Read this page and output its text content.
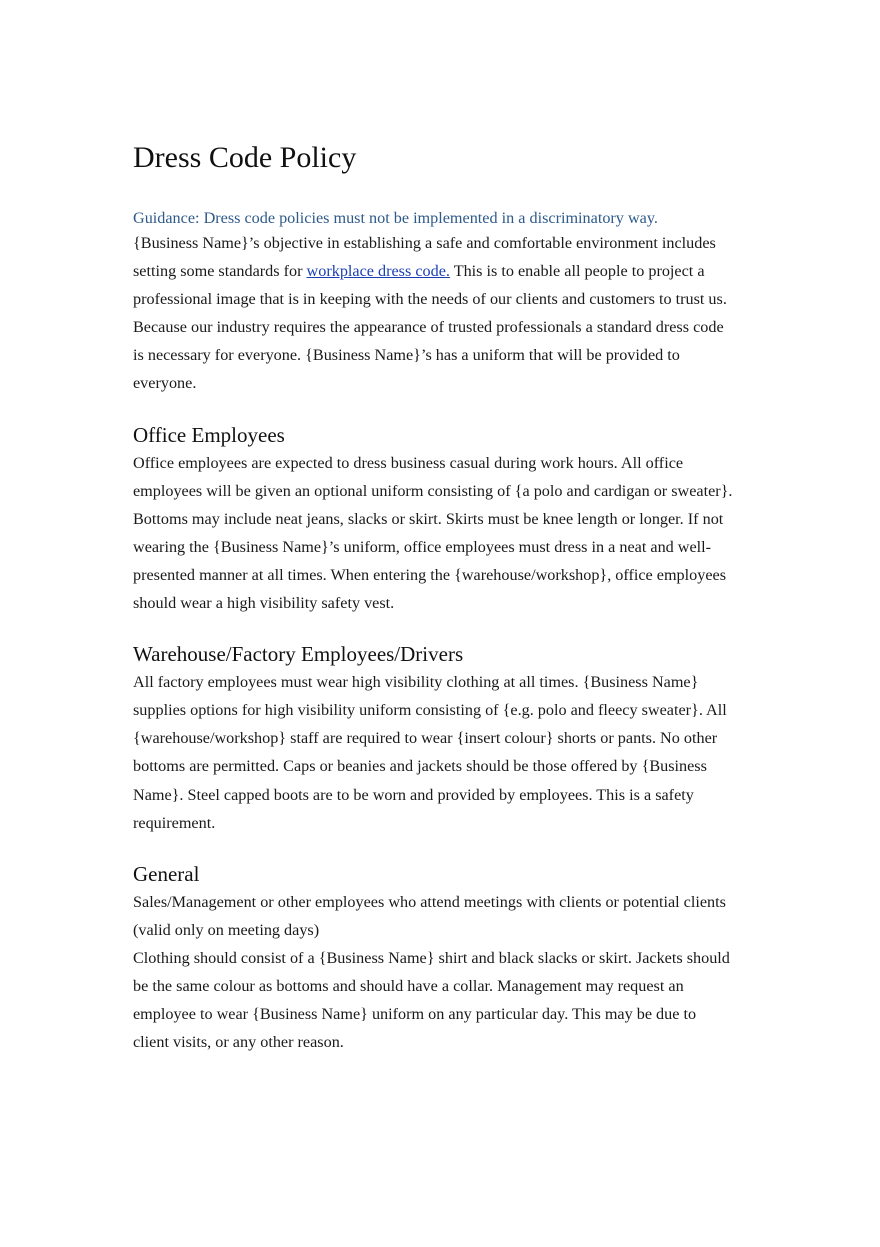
Dress Code Policy

Guidance: Dress code policies must not be implemented in a discriminatory way.

{Business Name}’s objective in establishing a safe and comfortable environment includes setting some standards for workplace dress code. This is to enable all people to project a professional image that is in keeping with the needs of our clients and customers to trust us. Because our industry requires the appearance of trusted professionals a standard dress code is necessary for everyone. {Business Name}’s has a uniform that will be provided to everyone.

Office Employees

Office employees are expected to dress business casual during work hours. All office employees will be given an optional uniform consisting of {a polo and cardigan or sweater}. Bottoms may include neat jeans, slacks or skirt. Skirts must be knee length or longer. If not wearing the {Business Name}’s uniform, office employees must dress in a neat and well-presented manner at all times. When entering the {warehouse/workshop}, office employees should wear a high visibility safety vest.

Warehouse/Factory Employees/Drivers

All factory employees must wear high visibility clothing at all times. {Business Name} supplies options for high visibility uniform consisting of {e.g. polo and fleecy sweater}. All {warehouse/workshop} staff are required to wear {insert colour} shorts or pants. No other bottoms are permitted. Caps or beanies and jackets should be those offered by {Business Name}. Steel capped boots are to be worn and provided by employees. This is a safety requirement.

General

Sales/Management or other employees who attend meetings with clients or potential clients (valid only on meeting days)

Clothing should consist of a {Business Name} shirt and black slacks or skirt. Jackets should be the same colour as bottoms and should have a collar. Management may request an employee to wear {Business Name} uniform on any particular day. This may be due to client visits, or any other reason.
